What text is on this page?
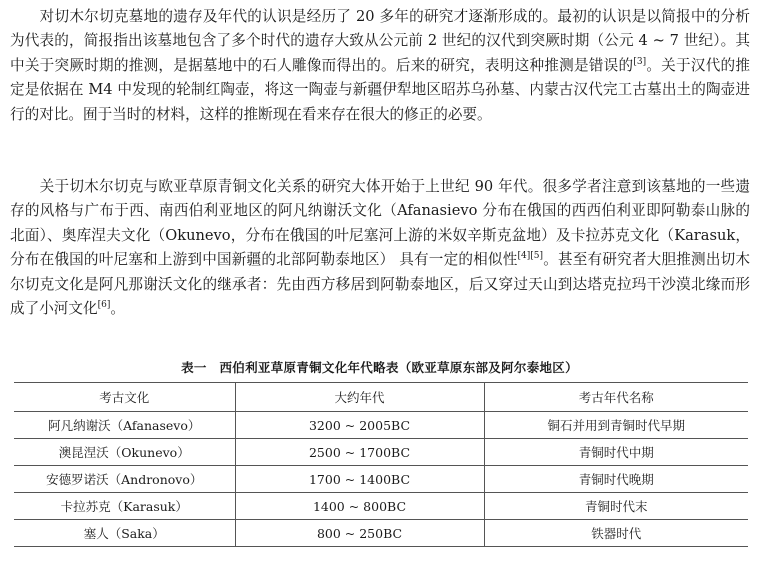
　　对切木尔切克墓地的遗存及年代的认识是经历了 20 多年的研究才逐渐形成的。最初的认识是以简报中的分析为代表的，简报指出该墓地包含了多个时代的遗存大致从公元前 2 世纪的汉代到突厥时期（公元 4 ~ 7 世纪）。其中关于突厥时期的推测，是据墓地中的石人雕像而得出的。后来的研究，表明这种推测是错误的[3]。关于汉代的推定是依据在 M4 中发现的轮制红陶壶，将这一陶壶与新疆伊犁地区昭苏乌孙墓、内蒙古汉代完工古墓出土的陶壶进行的对比。囿于当时的材料，这样的推断现在看来存在很大的修正的必要。

　　关于切木尔切克与欧亚草原青铜文化关系的研究大体开始于上世纪 90 年代。很多学者注意到该墓地的一些遗存的风格与广布于西、南西伯利亚地区的阿凡纳谢沃文化（Afanasievo 分布在俄国的西西伯利亚即阿勒泰山脉的北面）、奥库涅夫文化（Okunevo，分布在俄国的叶尼塞河上游的米奴辛斯克盆地）及卡拉苏克文化（Karasuk，分布在俄国的叶尼塞和上游到中国新疆的北部阿勒泰地区） 具有一定的相似性[4][5]。甚至有研究者大胆推测出切木尔切克文化是阿凡那谢沃文化的继承者：先由西方移居到阿勒泰地区，后又穿过天山到达塔克拉玛干沙漠北缘而形成了小河文化[6]。

表一　西伯利亚草原青铜文化年代略表（欧亚草原东部及阿尔泰地区）
考古文化	大约年代	考古年代名称
阿凡纳谢沃（Afanasevo）	3200 ~ 2005BC	铜石并用到青铜时代早期
澳昆涅沃（Okunevo）	2500 ~ 1700BC	青铜时代中期
安德罗诺沃（Andronovo）	1700 ~ 1400BC	青铜时代晚期
卡拉苏克（Karasuk）	1400 ~ 800BC	青铜时代末
塞人（Saka）	800 ~ 250BC	铁器时代
